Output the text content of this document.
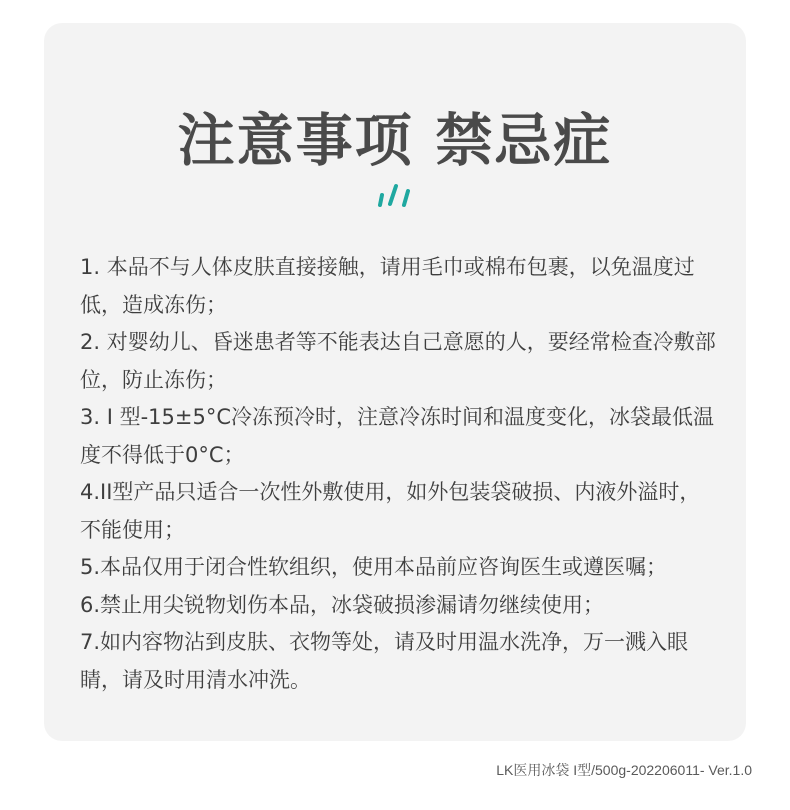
注意事项 禁忌症

1. 本品不与人体皮肤直接接触，请用毛巾或棉布包裹，以免温度过低，造成冻伤；

2. 对婴幼儿、昏迷患者等不能表达自己意愿的人，要经常检查冷敷部位，防止冻伤；

3. I 型-15±5°C冷冻预冷时，注意冷冻时间和温度变化，冰袋最低温度不得低于0°C；

4.II型产品只适合一次性外敷使用，如外包装袋破损、内液外溢时，不能使用；

5.本品仅用于闭合性软组织，使用本品前应咨询医生或遵医嘱；

6.禁止用尖锐物划伤本品，冰袋破损渗漏请勿继续使用；

7.如内容物沾到皮肤、衣物等处，请及时用温水洗净，万一溅入眼睛，请及时用清水冲洗。

LK医用冰袋 I型/500g-202206011- Ver.1.0
